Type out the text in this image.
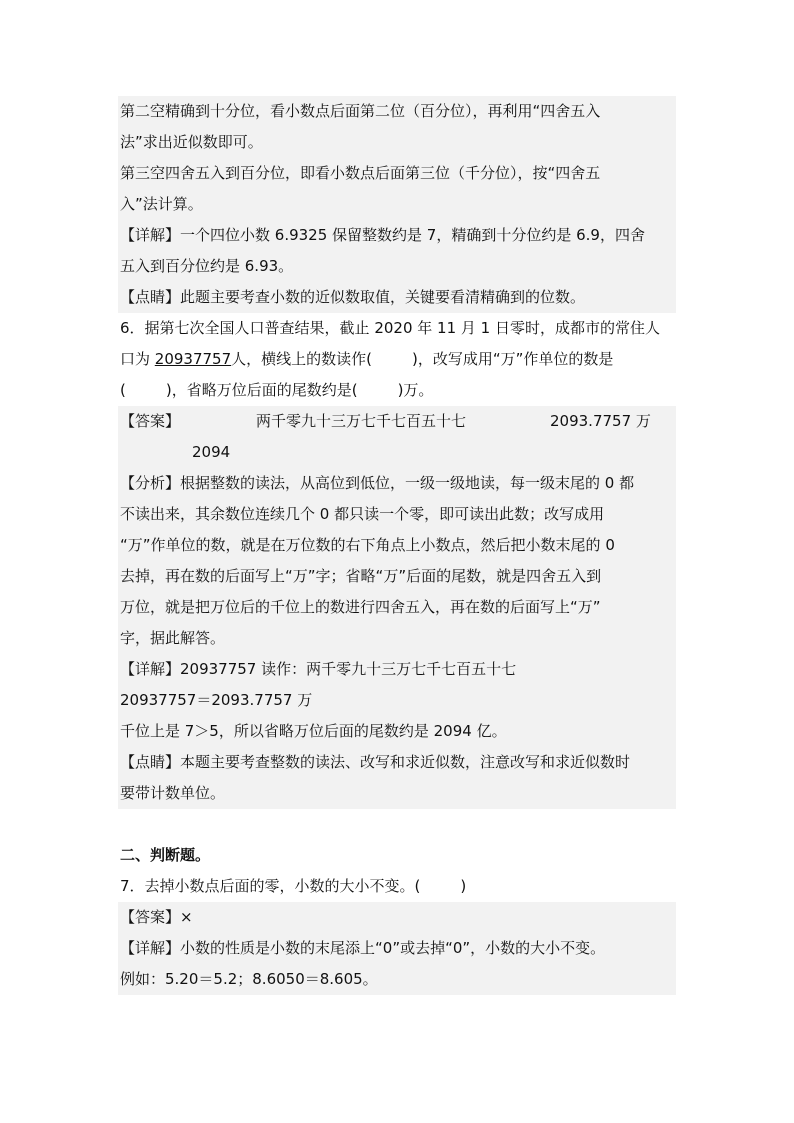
第二空精确到十分位，看小数点后面第二位（百分位），再利用“四舍五入
法”求出近似数即可。
第三空四舍五入到百分位，即看小数点后面第三位（千分位），按“四舍五
入”法计算。
【详解】一个四位小数 6.9325 保留整数约是 7，精确到十分位约是 6.9，四舍
五入到百分位约是 6.93。
【点睛】此题主要考查小数的近似数取值，关键要看清精确到的位数。
6．据第七次全国人口普查结果，截止 2020 年 11 月 1 日零时，成都市的常住人
口为 20937757人，横线上的数读作(	)，改写成用“万”作单位的数是
(	)，省略万位后面的尾数约是(	)万。
【答案】	两千零九十三万七千七百五十七	2093.7757 万
2094
【分析】根据整数的读法，从高位到低位，一级一级地读，每一级末尾的 0 都
不读出来，其余数位连续几个 0 都只读一个零，即可读出此数；改写成用
“万”作单位的数，就是在万位数的右下角点上小数点，然后把小数末尾的 0
去掉，再在数的后面写上“万”字；省略“万”后面的尾数，就是四舍五入到
万位，就是把万位后的千位上的数进行四舍五入，再在数的后面写上“万”
字，据此解答。
【详解】20937757 读作：两千零九十三万七千七百五十七
20937757＝2093.7757 万
千位上是 7＞5，所以省略万位后面的尾数约是 2094 亿。
【点睛】本题主要考查整数的读法、改写和求近似数，注意改写和求近似数时
要带计数单位。
二、判断题。
7．去掉小数点后面的零，小数的大小不变。(	)
【答案】×
【详解】小数的性质是小数的末尾添上“0”或去掉“0”，小数的大小不变。
例如：5.20＝5.2；8.6050＝8.605。
